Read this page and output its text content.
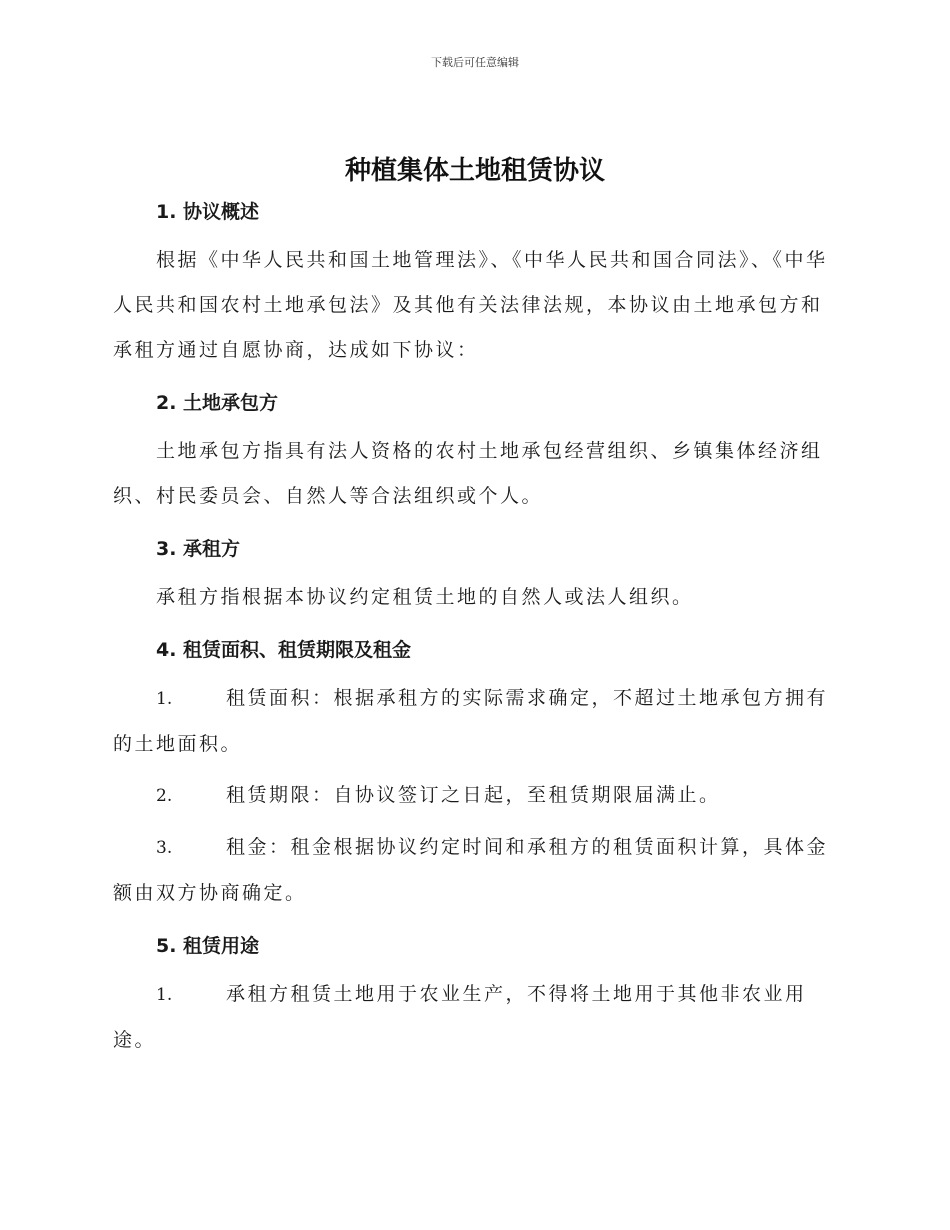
下载后可任意编辑
种植集体土地租赁协议
1. 协议概述

根据《中华人民共和国土地管理法》、《中华人民共和国合同法》、《中华人民共和国农村土地承包法》及其他有关法律法规，本协议由土地承包方和承租方通过自愿协商，达成如下协议：

2. 土地承包方

土地承包方指具有法人资格的农村土地承包经营组织、乡镇集体经济组织、村民委员会、自然人等合法组织或个人。

3. 承租方

承租方指根据本协议约定租赁土地的自然人或法人组织。

4. 租赁面积、租赁期限及租金

1.	租赁面积：根据承租方的实际需求确定，不超过土地承包方拥有的土地面积。

2.	租赁期限：自协议签订之日起，至租赁期限届满止。

3.	租金：租金根据协议约定时间和承租方的租赁面积计算，具体金额由双方协商确定。

5. 租赁用途

1.	承租方租赁土地用于农业生产，不得将土地用于其他非农业用途。
